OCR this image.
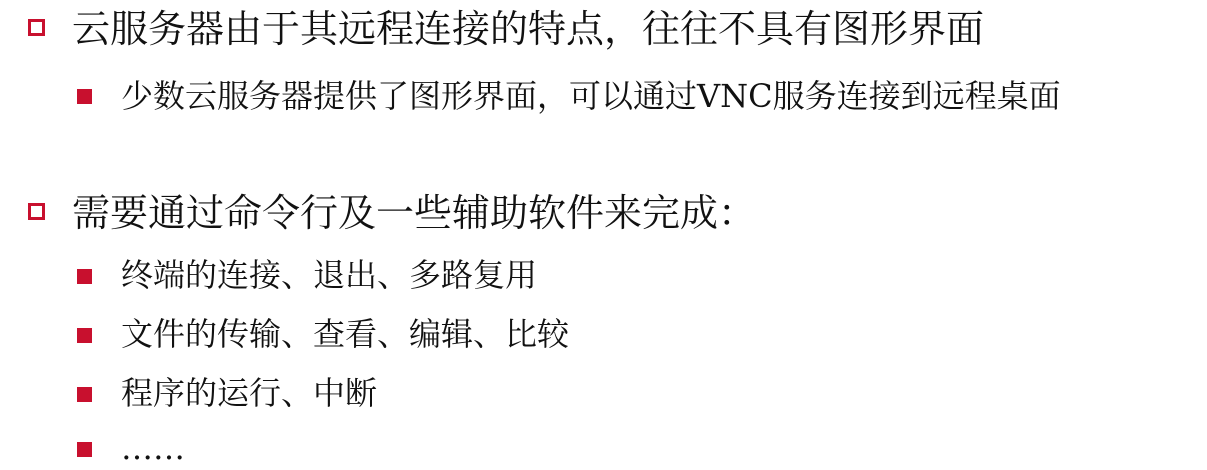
云服务器由于其远程连接的特点，往往不具有图形界面
少数云服务器提供了图形界面，可以通过VNC服务连接到远程桌面
需要通过命令行及一些辅助软件来完成：
终端的连接、退出、多路复用
文件的传输、查看、编辑、比较
程序的运行、中断
……
